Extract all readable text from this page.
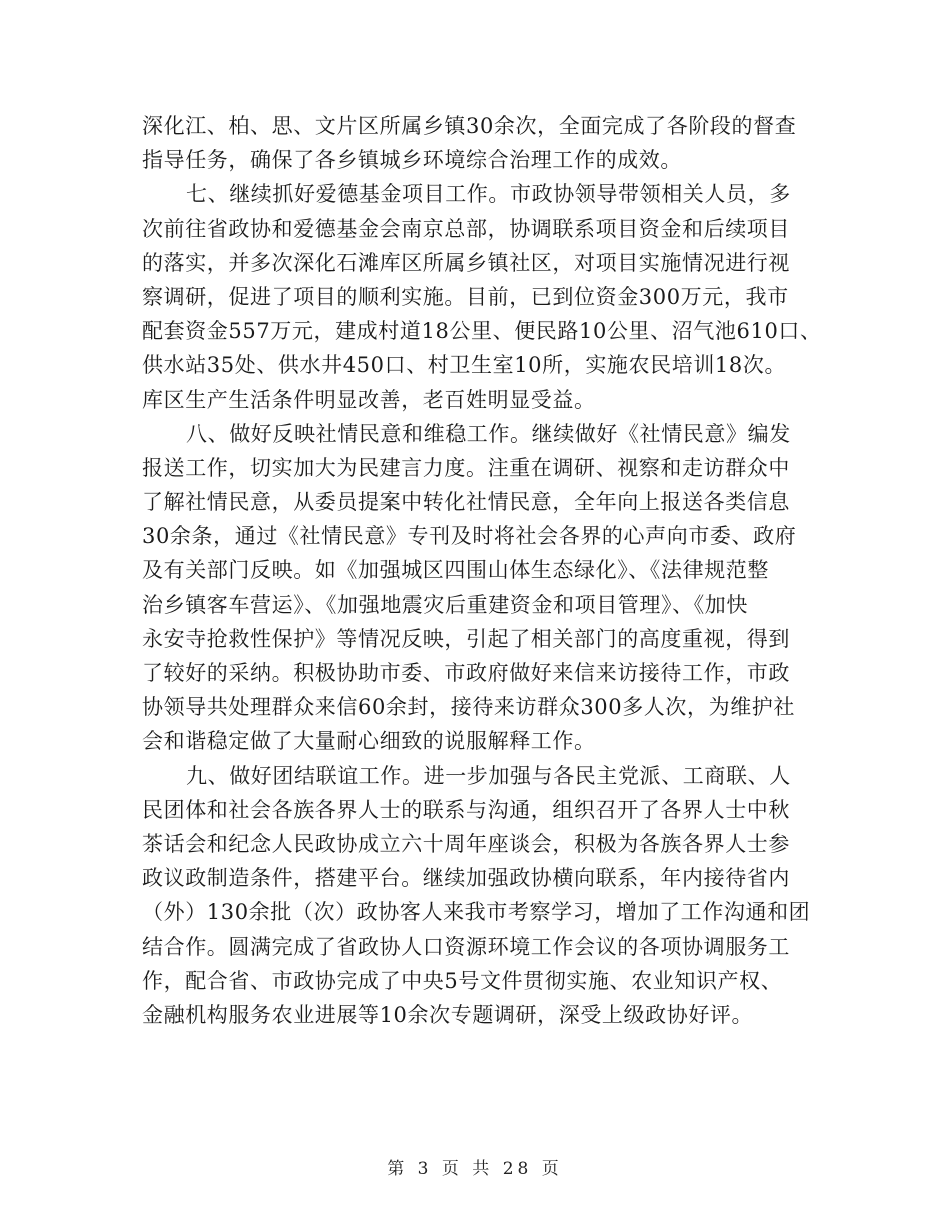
深化江、柏、思、文片区所属乡镇30余次，全面完成了各阶段的督查
指导任务，确保了各乡镇城乡环境综合治理工作的成效。
七、继续抓好爱德基金项目工作。市政协领导带领相关人员，多
次前往省政协和爱德基金会南京总部，协调联系项目资金和后续项目
的落实，并多次深化石滩库区所属乡镇社区，对项目实施情况进行视
察调研，促进了项目的顺利实施。目前，已到位资金300万元，我市
配套资金557万元，建成村道18公里、便民路10公里、沼气池610口、
供水站35处、供水井450口、村卫生室10所，实施农民培训18次。
库区生产生活条件明显改善，老百姓明显受益。
八、做好反映社情民意和维稳工作。继续做好《社情民意》编发
报送工作，切实加大为民建言力度。注重在调研、视察和走访群众中
了解社情民意，从委员提案中转化社情民意，全年向上报送各类信息
30余条，通过《社情民意》专刊及时将社会各界的心声向市委、政府
及有关部门反映。如《加强城区四围山体生态绿化》、《法律规范整
治乡镇客车营运》、《加强地震灾后重建资金和项目管理》、《加快
永安寺抢救性保护》等情况反映，引起了相关部门的高度重视，得到
了较好的采纳。积极协助市委、市政府做好来信来访接待工作，市政
协领导共处理群众来信60余封，接待来访群众300多人次，为维护社
会和谐稳定做了大量耐心细致的说服解释工作。
九、做好团结联谊工作。进一步加强与各民主党派、工商联、人
民团体和社会各族各界人士的联系与沟通，组织召开了各界人士中秋
茶话会和纪念人民政协成立六十周年座谈会，积极为各族各界人士参
政议政制造条件，搭建平台。继续加强政协横向联系，年内接待省内
（外）130余批（次）政协客人来我市考察学习，增加了工作沟通和团
结合作。圆满完成了省政协人口资源环境工作会议的各项协调服务工
作，配合省、市政协完成了中央5号文件贯彻实施、农业知识产权、
金融机构服务农业进展等10余次专题调研，深受上级政协好评。
第 3 页 共 28 页
